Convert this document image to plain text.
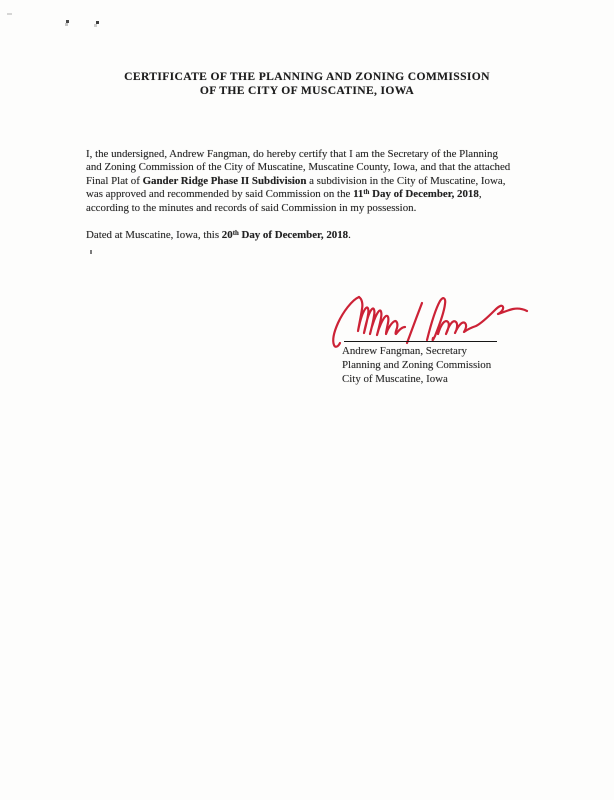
CERTIFICATE OF THE PLANNING AND ZONING COMMISSION
OF THE CITY OF MUSCATINE, IOWA
I, the undersigned, Andrew Fangman, do hereby certify that I am the Secretary of the Planning
and Zoning Commission of the City of Muscatine, Muscatine County, Iowa, and that the attached
Final Plat of Gander Ridge Phase II Subdivision a subdivision in the City of Muscatine, Iowa,
was approved and recommended by said Commission on the 11th Day of December, 2018,
according to the minutes and records of said Commission in my possession.
Dated at Muscatine, Iowa, this 20th Day of December, 2018.
Andrew Fangman, Secretary
Planning and Zoning Commission
City of Muscatine, Iowa
